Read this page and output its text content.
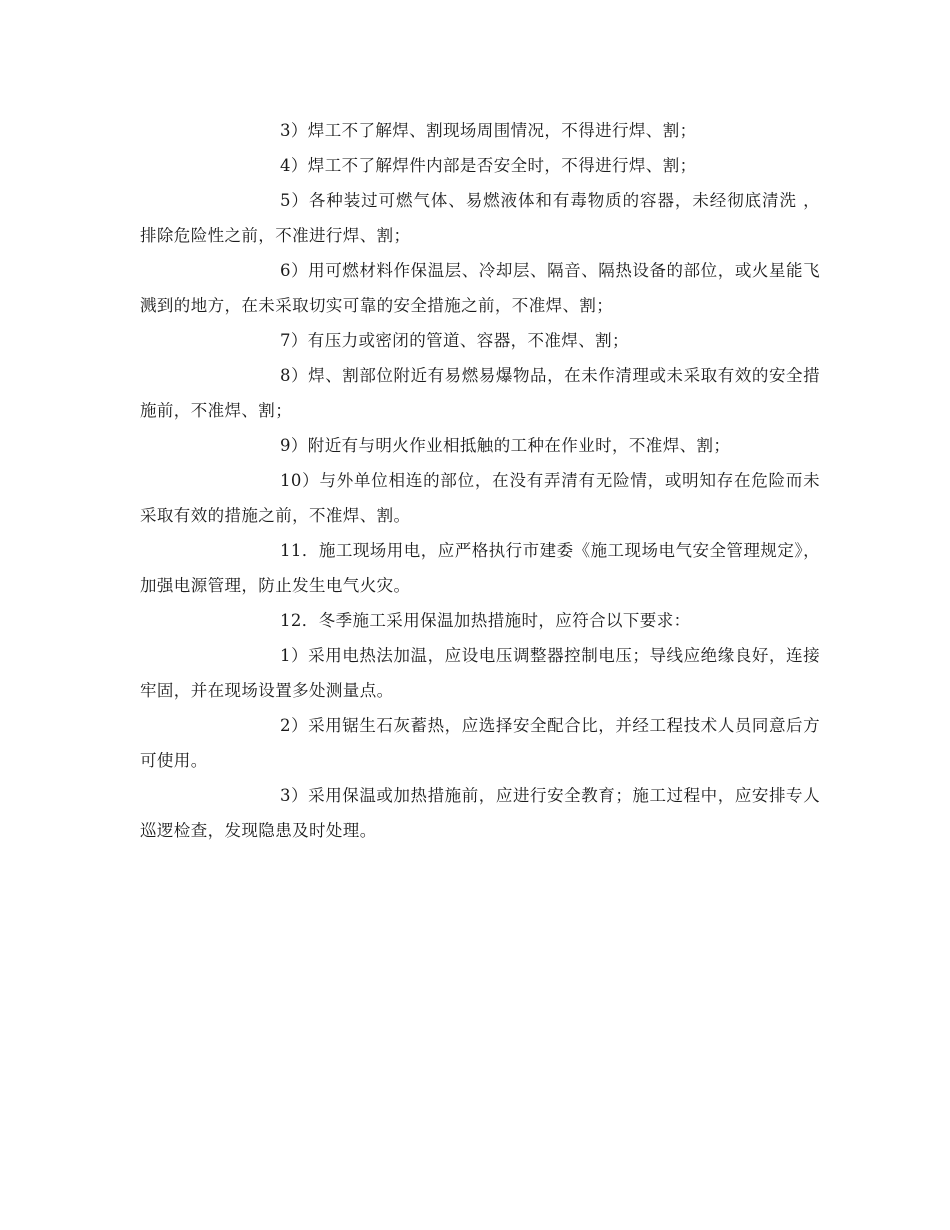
3）焊工不了解焊、割现场周围情况，不得进行焊、割；

4）焊工不了解焊件内部是否安全时，不得进行焊、割；

5）各种装过可燃气体、易燃液体和有毒物质的容器，未经彻底清洗 ，排除危险性之前，不准进行焊、割；

6）用可燃材料作保温层、冷却层、隔音、隔热设备的部位，或火星能飞溅到的地方，在未采取切实可靠的安全措施之前，不准焊、割；

7）有压力或密闭的管道、容器，不准焊、割；

8）焊、割部位附近有易燃易爆物品，在未作清理或未采取有效的安全措施前，不准焊、割；

9）附近有与明火作业相抵触的工种在作业时，不准焊、割；

10）与外单位相连的部位，在没有弄清有无险情，或明知存在危险而未采取有效的措施之前，不准焊、割。

11．施工现场用电，应严格执行市建委《施工现场电气安全管理规定》，加强电源管理，防止发生电气火灾。

12．冬季施工采用保温加热措施时，应符合以下要求：

1）采用电热法加温，应设电压调整器控制电压；导线应绝缘良好，连接牢固，并在现场设置多处测量点。

2）采用锯生石灰蓄热，应选择安全配合比，并经工程技术人员同意后方可使用。

3）采用保温或加热措施前，应进行安全教育；施工过程中，应安排专人巡逻检查，发现隐患及时处理。
